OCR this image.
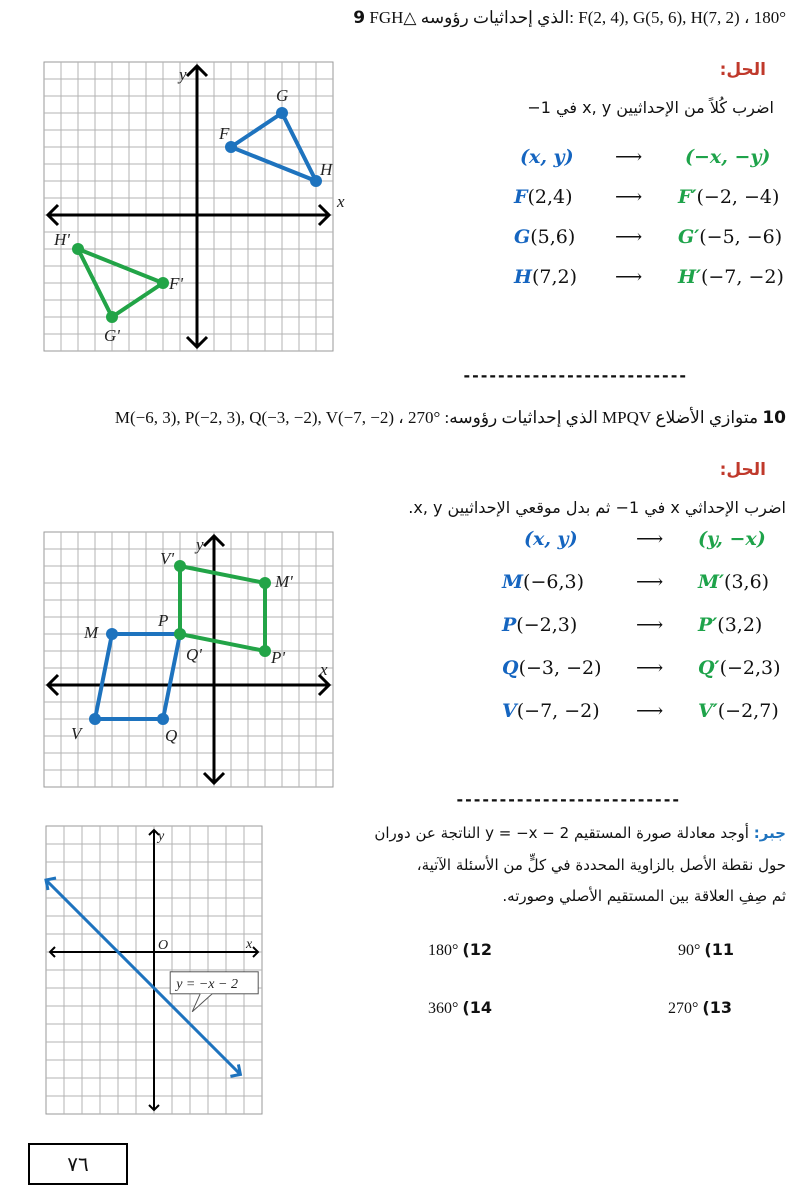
9 FGH△ الذي إحداثيات رؤوسه: F(2, 4), G(5, 6), H(7, 2) ، 180°
الحل:
اضرب كُلاً من الإحداثيين x, y في 1−
(x, y) ⟶ (−x, −y)
F(2,4) ⟶ F′(−2, −4)
G(5,6) ⟶ G′(−5, −6)
H(7,2) ⟶ H′(−7, −2)
x
y
F
G
H
F'
G'
H'
x
y
M
P
Q
V
M'
P'
Q'
V'
x
y
O
y = −x − 2
--------------------------
10 متوازي الأضلاع MPQV الذي إحداثيات رؤوسه: M(−6, 3), P(−2, 3), Q(−3, −2), V(−7, −2) ، 270°
الحل:
اضرب الإحداثي x في 1− ثم بدل موقعي الإحداثيين x, y.
(x, y)	⟶ (y, −x)
M(−6,3)	⟶ M′(3,6)
P(−2,3)	⟶ P′(3,2)
Q(−3, −2) ⟶ Q′(−2,3)
V(−7, −2) ⟶ V′(−2,7)
--------------------------
جبر: أوجد معادلة صورة المستقيم y = −x − 2 الناتجة عن دوران
حول نقطة الأصل بالزاوية المحددة في كلٍّ من الأسئلة الآتية،
ثم صِفِ العلاقة بين المستقيم الأصلي وصورته.
90° (11
180° (12
270° (13
360° (14
٧٦
